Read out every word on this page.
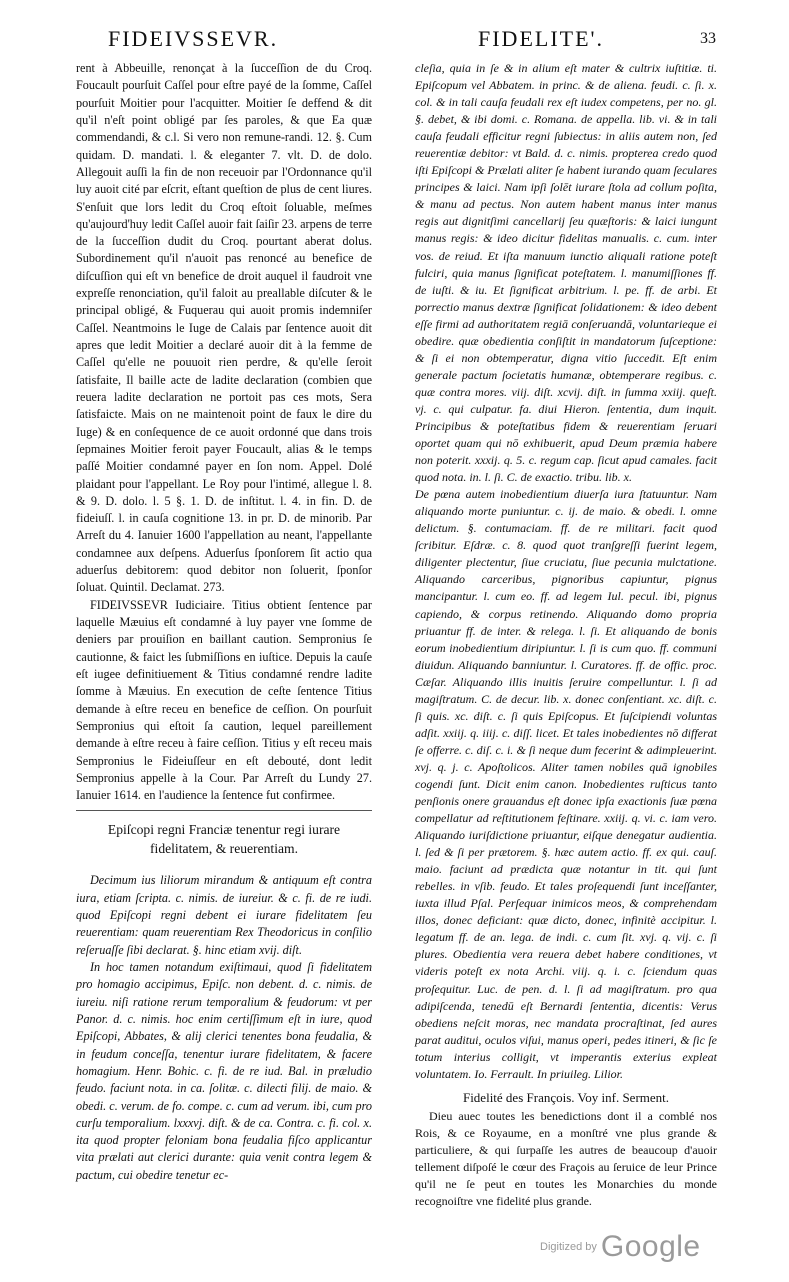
FIDEIVSSEVR.	FIDELITE'.	33

rent à Abbeuille, renonçat à la ſucceſſion de du Croq. Foucault pourſuit Caſſel pour eſtre payé de la ſomme, Caſſel pourſuit Moitier pour l'acquitter. Moitier ſe deffend & dit qu'il n'eſt point obligé par ſes paroles, & que Ea quæ commendandi, & c.l. Si vero non remune-randi. 12. §. Cum quidam. D. mandati. l. & eleganter 7. vlt. D. de dolo. Allegouit auſſi la fin de non receuoir par l'Ordonnance qu'il luy auoit cité par eſcrit, eſtant queſtion de plus de cent liures. S'enſuit que lors ledit du Croq eſtoit ſoluable, meſmes qu'aujourd'huy ledit Caſſel auoir fait ſaiſir 23. arpens de terre de la ſucceſſion dudit du Croq. pourtant aberat dolus. Subordinement qu'il n'auoit pas renoncé au benefice de diſcuſſion qui eſt vn benefice de droit auquel il faudroit vne expreſſe renonciation, qu'il faloit au preallable diſcuter & le principal obligé, & Fuquerau qui auoit promis indemniſer Caſſel. Neantmoins le Iuge de Calais par ſentence auoit dit apres que ledit Moitier a declaré auoir dit à la femme de Caſſel qu'elle ne pouuoit rien perdre, & qu'elle ſeroit ſatisfaite, Il baille acte de ladite declaration (combien que reuera ladite declaration ne portoit pas ces mots, Sera ſatisfaicte. Mais on ne maintenoit point de faux le dire du Iuge) & en conſequence de ce auoit ordonné que dans trois ſepmaines Moitier feroit payer Foucault, alias & le temps paſſé Moitier condamné payer en ſon nom. Appel. Dolé plaidant pour l'appellant. Le Roy pour l'intimé, allegue l. 8. & 9. D. dolo. l. 5 §. 1. D. de inſtitut. l. 4. in fin. D. de fideiuſſ. l. in cauſa cognitione 13. in pr. D. de minorib. Par Arreſt du 4. Ianuier 1600 l'appellation au neant, l'appellante condamnee aux deſpens. Aduerſus ſponſorem ſit actio qua aduerſus debitorem: quod debitor non ſoluerit, ſponſor ſoluat. Quintil. Declamat. 273.

FIDEIVSSEVR Iudiciaire. Titius obtient ſentence par laquelle Mæuius eſt condamné à luy payer vne ſomme de deniers par prouiſion en baillant caution. Sempronius ſe cautionne, & faict les ſubmiſſions en iuſtice. Depuis la cauſe eſt iugee definitiuement & Titius condamné rendre ladite ſomme à Mæuius. En execution de ceſte ſentence Titius demande à eſtre receu en benefice de ceſſion. On pourſuit Sempronius qui eſtoit ſa caution, lequel pareillement demande à eſtre receu à faire ceſſion. Titius y eſt receu mais Sempronius le Fideiuſſeur en eſt debouté, dont ledit Sempronius appelle à la Cour. Par Arreſt du Lundy 27. Ianuier 1614. en l'audience la ſentence fut confirmee.

Epiſcopi regni Franciæ tenentur regi iurare fidelitatem, & reuerentiam.

Decimum ius liliorum mirandum & antiquum eſt contra iura, etiam ſcripta. c. nimis. de iureiur. & c. fi. de re iudi. quod Epiſcopi regni debent ei iurare fidelitatem ſeu reuerentiam: quam reuerentiam Rex Theodoricus in conſilio reſeruaſſe ſibi declarat. §. hinc etiam xvij. diſt.

In hoc tamen notandum exiſtimaui, quod ſi fidelitatem pro homagio accipimus, Epiſc. non debent. d. c. nimis. de iureiu. niſi ratione rerum temporalium & feudorum: vt per Panor. d. c. nimis. hoc enim certiſſimum eſt in iure, quod Epiſcopi, Abbates, & alij clerici tenentes bona feudalia, & in feudum conceſſa, tenentur iurare fidelitatem, & facere homagium. Henr. Bohic. c. fi. de re iud. Bal. in præludio feudo. faciunt nota. in ca. ſolitæ. c. dilecti filij. de maio. & obedi. c. verum. de fo. compe. c. cum ad verum. ibi, cum pro curſu temporalium. lxxxvj. diſt. & de ca. Contra. c. fi. col. x. ita quod propter feloniam bona feudalia fiſco applicantur vita prælati aut clerici durante: quia venit contra legem & pactum, cui obedire tenetur ec-

cleſia, quia in ſe & in alium eſt mater & cultrix iuſtitiæ. ti. Epiſcopum vel Abbatem. in princ. & de aliena. feudi. c. ſi. x. col. & in tali cauſa feudali rex eſt iudex competens, per no. gl. §. debet, & ibi domi. c. Romana. de appella. lib. vi. & in tali cauſa feudali efficitur regni ſubiectus: in aliis autem non, ſed reuerentiæ debitor: vt Bald. d. c. nimis. propterea credo quod iſti Epiſcopi & Prælati aliter ſe habent iurando quam ſeculares principes & laici. Nam ipſi ſolēt iurare ſtola ad collum poſita, & manu ad pectus. Non autem habent manus inter manus regis aut dignitſimi cancellarij ſeu quæſtoris: & laici iungunt manus regis: & ideo dicitur fidelitas manualis. c. cum. inter vos. de reiud. Et iſta manuum iunctio aliquali ratione poteſt fulciri, quia manus ſignificat poteſtatem. l. manumiſſiones ff. de iuſti. & iu. Et ſignificat arbitrium. l. pe. ff. de arbi. Et porrectio manus dextræ ſignificat ſolidationem: & ideo debent eſſe firmi ad authoritatem regiā conſeruandā, voluntarieque ei obedire. quæ obedientia conſiſtit in mandatorum ſuſceptione: & ſi ei non obtemperatur, digna vitio ſuccedit. Eſt enim generale pactum ſocietatis humanæ, obtemperare regibus. c. quæ contra mores. viij. diſt. xcvij. diſt. in ſumma xxiij. queſt. vj. c. qui culpatur. fa. diui Hieron. ſententia, dum inquit. Principibus & poteſtatibus fidem & reuerentiam ſeruari oportet quam qui nō exhibuerit, apud Deum præmia habere non poterit. xxxij. q. 5. c. regum cap. ſicut apud camales. facit quod nota. in. l. ſi. C. de exactio. tribu. lib. x.

De pœna autem inobedientium diuerſa iura ſtatuuntur. Nam aliquando morte puniuntur. c. ij. de maio. & obedi. l. omne delictum. §. contumaciam. ff. de re militari. facit quod ſcribitur. Eſdræ. c. 8. quod quot tranſgreſſi fuerint legem, diligenter plectentur, ſiue cruciatu, ſiue pecunia mulctatione. Aliquando carceribus, pignoribus capiuntur, pignus mancipantur. l. cum eo. ff. ad legem Iul. pecul. ibi, pignus capiendo, & corpus retinendo. Aliquando domo propria priuantur ff. de inter. & relega. l. ſi. Et aliquando de bonis eorum inobedientium diripiuntur. l. ſi is cum quo. ff. communi diuidun. Aliquando banniuntur. l. Curatores. ff. de offic. proc. Cæſar. Aliquando illis inuitis ſeruire compelluntur. l. ſi ad magiſtratum. C. de decur. lib. x. donec conſentiant. xc. diſt. c. ſi quis. xc. diſt. c. ſi quis Epiſcopus. Et ſuſcipiendi voluntas adſit. xxiij. q. iiij. c. diſſ. licet. Et tales inobedientes nō differat ſe offerre. c. diſ. c. i. & ſi neque dum fecerint & adimpleuerint. xvj. q. j. c. Apoſtolicos. Aliter tamen nobiles quā ignobiles cogendi ſunt. Dicit enim canon. Inobedientes ruſticus tanto penſionis onere grauandus eſt donec ipſa exactionis ſuæ pœna compellatur ad reſtitutionem feſtinare. xxiij. q. vi. c. iam vero. Aliquando iuriſdictione priuantur, eiſque denegatur audientia. l. ſed & ſi per prætorem. §. hæc autem actio. ff. ex qui. cauſ. maio. faciunt ad prædicta quæ notantur in tit. qui ſunt rebelles. in vſib. feudo. Et tales proſequendi ſunt inceſſanter, iuxta illud Pſal. Perſequar inimicos meos, & comprehendam illos, donec deficiant: quæ dicto, donec, infinitè accipitur. l. legatum ff. de an. lega. de indi. c. cum ſit. xvj. q. vij. c. ſi plures. Obedientia vera reuera debet habere conditiones, vt videris poteſt ex nota Archi. viij. q. i. c. ſciendum quas proſequitur. Luc. de pen. d. l. ſi ad magiſtratum. pro qua adipiſcenda, tenedū eſt Bernardi ſententia, dicentis: Verus obediens neſcit moras, nec mandata procraſtinat, ſed aures parat auditui, oculos viſui, manus operi, pedes itineri, & ſic ſe totum interius colligit, vt imperantis exterius expleat voluntatem. Io. Ferrault. In priuileg. Lilior.

Fidelité des François. Voy inf. Serment.

Dieu auec toutes les benedictions dont il a comblé nos Rois, & ce Royaume, en a monſtré vne plus grande & particuliere, & qui ſurpaſſe les autres de beaucoup d'auoir tellement diſpoſé le cœur des Fraçois au ſeruice de leur Prince qu'il ne ſe peut en toutes les Monarchies du monde recognoiſtre vne fidelité plus grande.

Digitized by Google
